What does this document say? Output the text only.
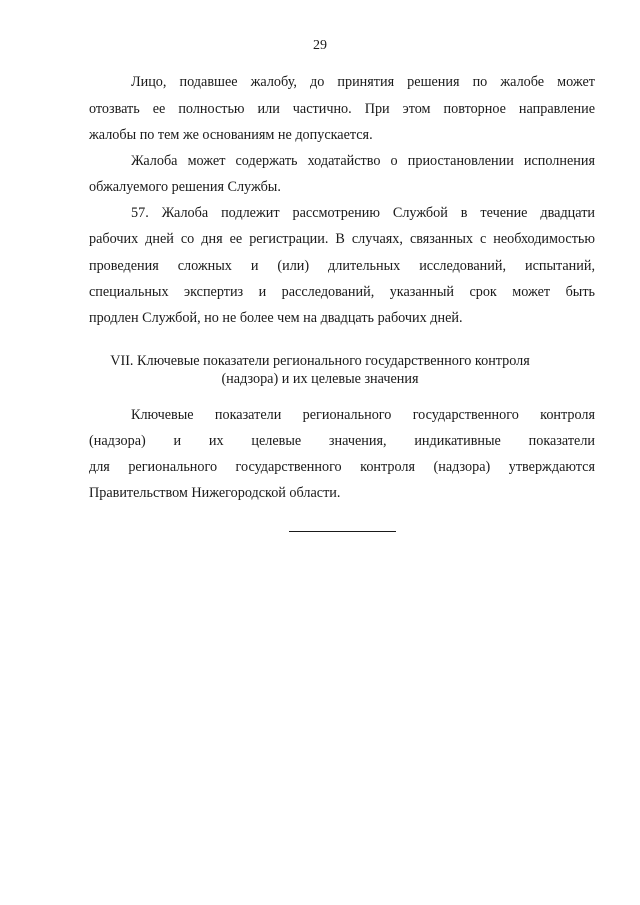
29
Лицо, подавшее жалобу, до принятия решения по жалобе может
отозвать ее полностью или частично. При этом повторное направление
жалобы по тем же основаниям не допускается.
Жалоба может содержать ходатайство о приостановлении исполнения
обжалуемого решения Службы.
57. Жалоба подлежит рассмотрению Службой в течение двадцати
рабочих дней со дня ее регистрации. В случаях, связанных с необходимостью
проведения сложных и (или) длительных исследований, испытаний,
специальных экспертиз и расследований, указанный срок может быть
продлен Службой, но не более чем на двадцать рабочих дней.
VII. Ключевые показатели регионального государственного контроля
(надзора) и их целевые значения
Ключевые показатели регионального государственного контроля
(надзора) и их целевые значения, индикативные показатели
для регионального государственного контроля (надзора) утверждаются
Правительством Нижегородской области.
